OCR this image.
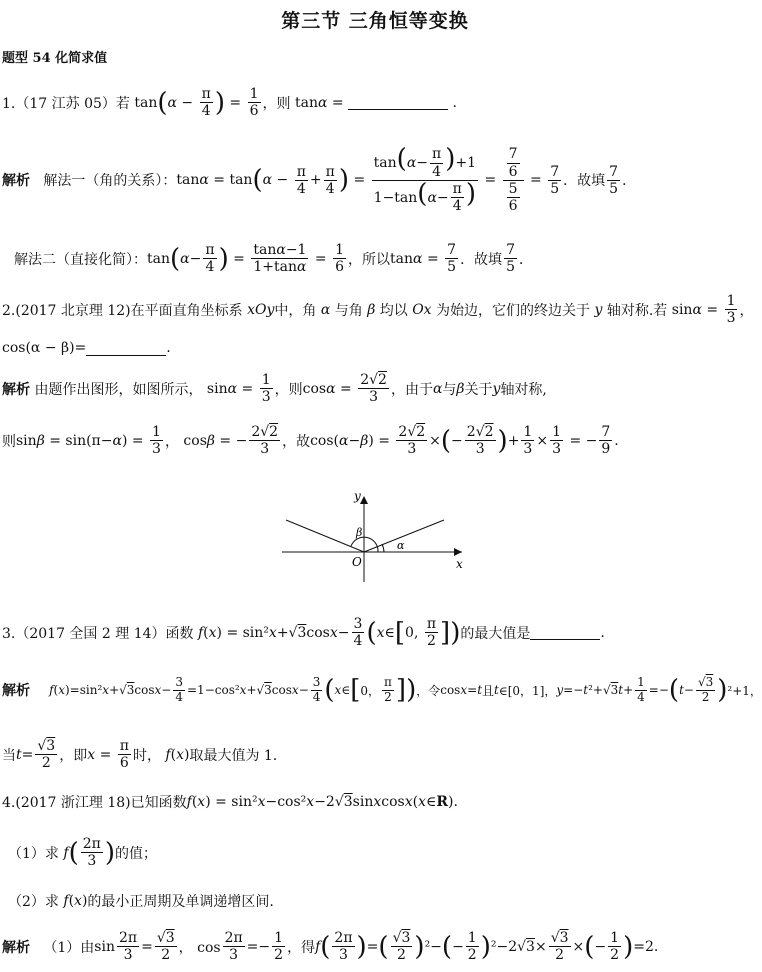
第三节 三角恒等变换
题型 54 化简求值
1.（17 江苏 05）若 tan ( $\alpha - \frac{\pi}{4}$ ) = $\frac{1}{6}$ ，则 tan α =	.
解析
解法一（角的关系）： tan α = tan ( $\alpha - \frac{\pi}{4} + \frac{\pi}{4}$ ) = $\frac{\tan(\alpha- \frac{\pi}{4} )+1}{1-\tan(\alpha- \frac{\pi}{4} )} = \frac{\frac{7}{6}}{\frac{5}{6}} = \frac{7}{5}$ ．故填 $\frac{7}{5}$ ．
解法二（直接化简）： tan ( $\alpha - \frac{\pi}{4}$ ) = $\frac{\tan\alpha-1}{1+\tan\alpha} = \frac{1}{6}$ ，所以 $\tan \alpha = \frac{7}{5}$ ．故填 $\frac{7}{5}$ ．
2.(2017 北京理 12)在平面直角坐标系
xOy 中，角
α
与角
β
均以
Ox
为始边，它们的终边关于
y
轴对称.若 $\sin \alpha = \frac{1}{3}$ ，
cos(α − β)=	.
解析
由题作出图形，如图所示， $\sin \alpha = \frac{1}{3}$ ，则 $\cos \alpha = \frac{2√2}{3}$ ，由于 α 与 β 关于 y 轴对称,
则 sin β = sin(π− α ) = $\frac{1}{3}$ ， cos β = − $\frac{2√2}{3}$ ，故 cos( α − β ) = $\frac{2√2}{3}$ × ( − $\frac{2√2}{3}$ ) + $\frac{1}{3} \times \frac{1}{3}$ = − $\frac{7}{9}$ .
y
x
O
α
β
3.（2017 全国 2 理 14）函数
f ( x ) = sin² x +√ 3 $\cos x - \frac{3}{4}$ ( x ∈ [ 0, $\frac{\pi}{2}$ ] ) 的最大值是	.
解析
f ( x )=sin² x +√ 3 $\cos x - \frac{3}{4} =1-\cos^2$ x +√ 3 $\cos x - \frac{3}{4}$ ( x ∈ [ 0， $\frac{\pi}{2}$ ] ) ，令 cos x = t 且 t ∈[0，1]， y =− t ²+√ 3 $t + \frac{1}{4}$ =− ( $t - \frac{√3}{2}$ ) ²+1，
当 $t = \frac{√3}{2}$ ，即 $x = \frac{\pi}{6}$ 时，
f ( x ) 取最大值为 1.
4.(2017 浙江理 18)已知函数 f ( x ) = sin² x −cos² x −2√ 3 sin x cos x ( x ∈ R ).
（1）求
f ( $\frac{2\pi}{3}$ ) 的值；
（2）求
f ( x ) 的最小正周期及单调递增区间.
解析
（1）由 $\sin \frac{2\pi}{3} = \frac{√3}{2}$ ， $\cos \frac{2\pi}{3} =- \frac{1}{2}$ ，得 f ( $\frac{2\pi}{3}$ ) = ( $\frac{√3}{2}$ ) ²− ( − $\frac{1}{2}$ ) ²−2√ $3 \times \frac{√3}{2}$ × ( − $\frac{1}{2}$ ) =2.
